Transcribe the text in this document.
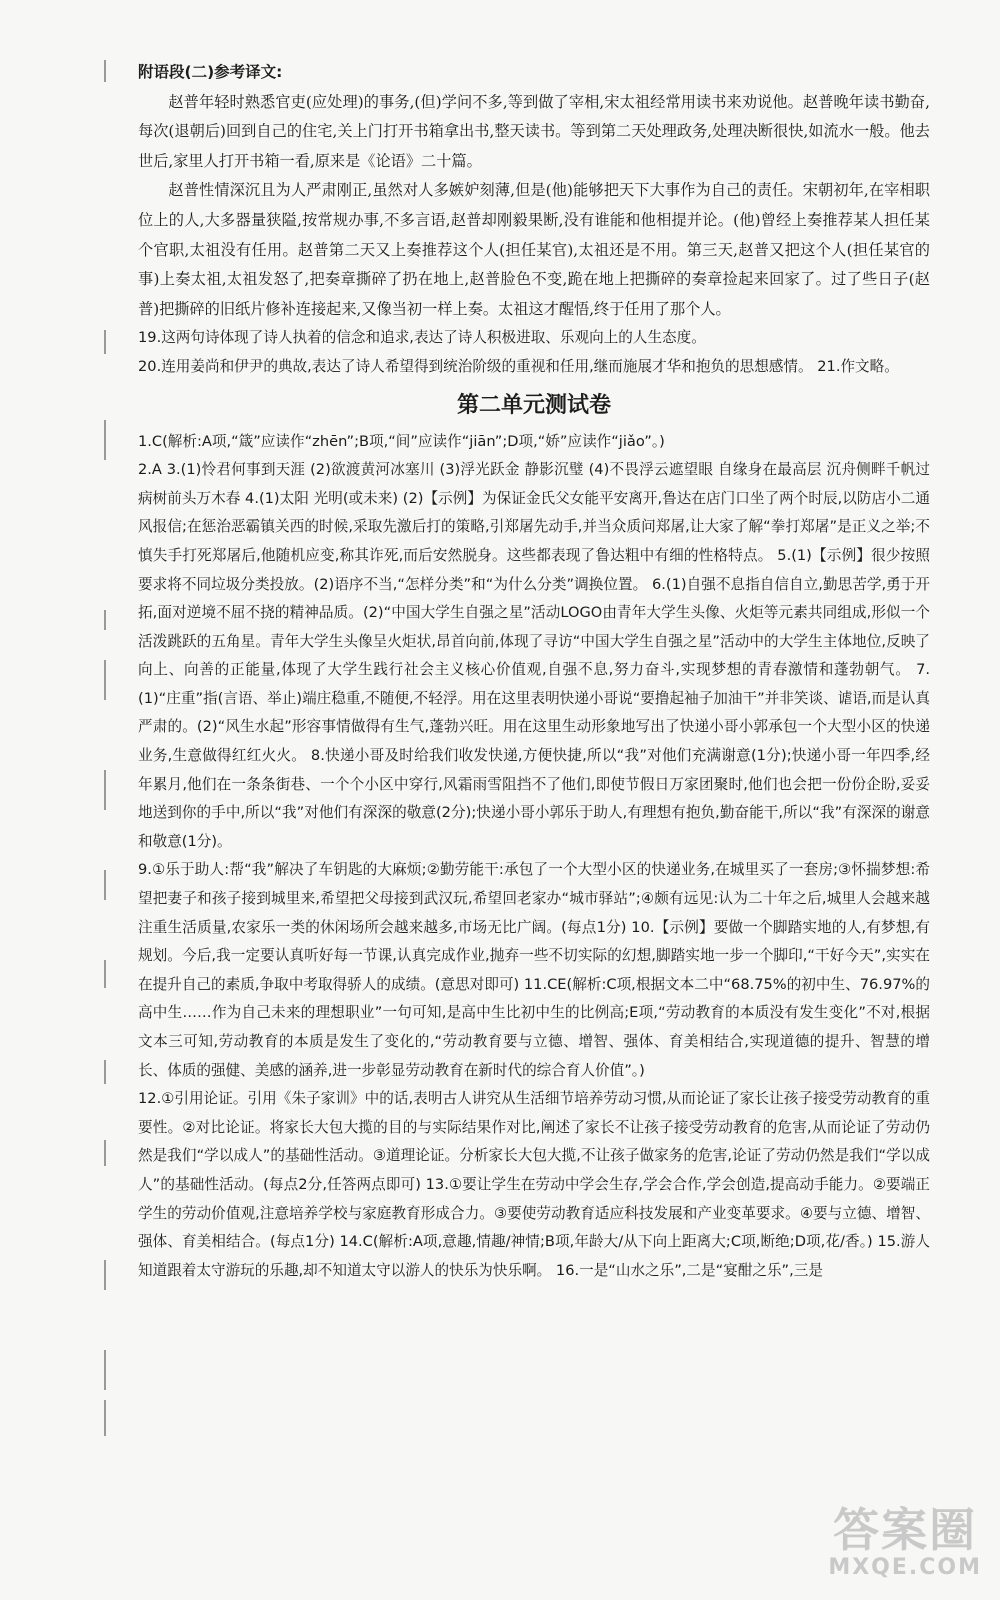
附语段(二)参考译文:

赵普年轻时熟悉官吏(应处理)的事务,(但)学问不多,等到做了宰相,宋太祖经常用读书来劝说他。赵普晚年读书勤奋,每次(退朝后)回到自己的住宅,关上门打开书箱拿出书,整天读书。等到第二天处理政务,处理决断很快,如流水一般。他去世后,家里人打开书箱一看,原来是《论语》二十篇。

赵普性情深沉且为人严肃刚正,虽然对人多嫉妒刻薄,但是(他)能够把天下大事作为自己的责任。宋朝初年,在宰相职位上的人,大多器量狭隘,按常规办事,不多言语,赵普却刚毅果断,没有谁能和他相提并论。(他)曾经上奏推荐某人担任某个官职,太祖没有任用。赵普第二天又上奏推荐这个人(担任某官),太祖还是不用。第三天,赵普又把这个人(担任某官的事)上奏太祖,太祖发怒了,把奏章撕碎了扔在地上,赵普脸色不变,跪在地上把撕碎的奏章捡起来回家了。过了些日子(赵普)把撕碎的旧纸片修补连接起来,又像当初一样上奏。太祖这才醒悟,终于任用了那个人。

19.这两句诗体现了诗人执着的信念和追求,表达了诗人积极进取、乐观向上的人生态度。

20.连用姜尚和伊尹的典故,表达了诗人希望得到统治阶级的重视和任用,继而施展才华和抱负的思想感情。 21.作文略。

第二单元测试卷

1.C(解析:A项,“箴”应读作“zhēn”;B项,“间”应读作“jiān”;D项,“娇”应读作“jiǎo”。)

2.A 3.(1)怜君何事到天涯 (2)欲渡黄河冰塞川 (3)浮光跃金 静影沉璧 (4)不畏浮云遮望眼 自缘身在最高层 沉舟侧畔千帆过 病树前头万木春 4.(1)太阳 光明(或未来) (2)【示例】为保证金氏父女能平安离开,鲁达在店门口坐了两个时辰,以防店小二通风报信;在惩治恶霸镇关西的时候,采取先激后打的策略,引郑屠先动手,并当众质问郑屠,让大家了解“拳打郑屠”是正义之举;不慎失手打死郑屠后,他随机应变,称其诈死,而后安然脱身。这些都表现了鲁达粗中有细的性格特点。 5.(1)【示例】很少按照要求将不同垃圾分类投放。(2)语序不当,“怎样分类”和“为什么分类”调换位置。 6.(1)自强不息指自信自立,勤思苦学,勇于开拓,面对逆境不屈不挠的精神品质。(2)“中国大学生自强之星”活动LOGO由青年大学生头像、火炬等元素共同组成,形似一个活泼跳跃的五角星。青年大学生头像呈火炬状,昂首向前,体现了寻访“中国大学生自强之星”活动中的大学生主体地位,反映了向上、向善的正能量,体现了大学生践行社会主义核心价值观,自强不息,努力奋斗,实现梦想的青春激情和蓬勃朝气。 7.(1)“庄重”指(言语、举止)端庄稳重,不随便,不轻浮。用在这里表明快递小哥说“要撸起袖子加油干”并非笑谈、谑语,而是认真严肃的。(2)“风生水起”形容事情做得有生气,蓬勃兴旺。用在这里生动形象地写出了快递小哥小郭承包一个大型小区的快递业务,生意做得红红火火。 8.快递小哥及时给我们收发快递,方便快捷,所以“我”对他们充满谢意(1分);快递小哥一年四季,经年累月,他们在一条条街巷、一个个小区中穿行,风霜雨雪阻挡不了他们,即使节假日万家团聚时,他们也会把一份份企盼,妥妥地送到你的手中,所以“我”对他们有深深的敬意(2分);快递小哥小郭乐于助人,有理想有抱负,勤奋能干,所以“我”有深深的谢意和敬意(1分)。

9.①乐于助人:帮“我”解决了车钥匙的大麻烦;②勤劳能干:承包了一个大型小区的快递业务,在城里买了一套房;③怀揣梦想:希望把妻子和孩子接到城里来,希望把父母接到武汉玩,希望回老家办“城市驿站”;④颇有远见:认为二十年之后,城里人会越来越注重生活质量,农家乐一类的休闲场所会越来越多,市场无比广阔。(每点1分) 10.【示例】要做一个脚踏实地的人,有梦想,有规划。今后,我一定要认真听好每一节课,认真完成作业,抛弃一些不切实际的幻想,脚踏实地一步一个脚印,“干好今天”,实实在在提升自己的素质,争取中考取得骄人的成绩。(意思对即可) 11.CE(解析:C项,根据文本二中“68.75%的初中生、76.97%的高中生……作为自己未来的理想职业”一句可知,是高中生比初中生的比例高;E项,“劳动教育的本质没有发生变化”不对,根据文本三可知,劳动教育的本质是发生了变化的,“劳动教育要与立德、增智、强体、育美相结合,实现道德的提升、智慧的增长、体质的强健、美感的涵养,进一步彰显劳动教育在新时代的综合育人价值”。)

12.①引用论证。引用《朱子家训》中的话,表明古人讲究从生活细节培养劳动习惯,从而论证了家长让孩子接受劳动教育的重要性。②对比论证。将家长大包大揽的目的与实际结果作对比,阐述了家长不让孩子接受劳动教育的危害,从而论证了劳动仍然是我们“学以成人”的基础性活动。③道理论证。分析家长大包大揽,不让孩子做家务的危害,论证了劳动仍然是我们“学以成人”的基础性活动。(每点2分,任答两点即可) 13.①要让学生在劳动中学会生存,学会合作,学会创造,提高动手能力。②要端正学生的劳动价值观,注意培养学校与家庭教育形成合力。③要使劳动教育适应科技发展和产业变革要求。④要与立德、增智、强体、育美相结合。(每点1分) 14.C(解析:A项,意趣,情趣/神情;B项,年龄大/从下向上距离大;C项,断绝;D项,花/香。) 15.游人知道跟着太守游玩的乐趣,却不知道太守以游人的快乐为快乐啊。 16.一是“山水之乐”,二是“宴酣之乐”,三是

答案圈
MXQE.COM
